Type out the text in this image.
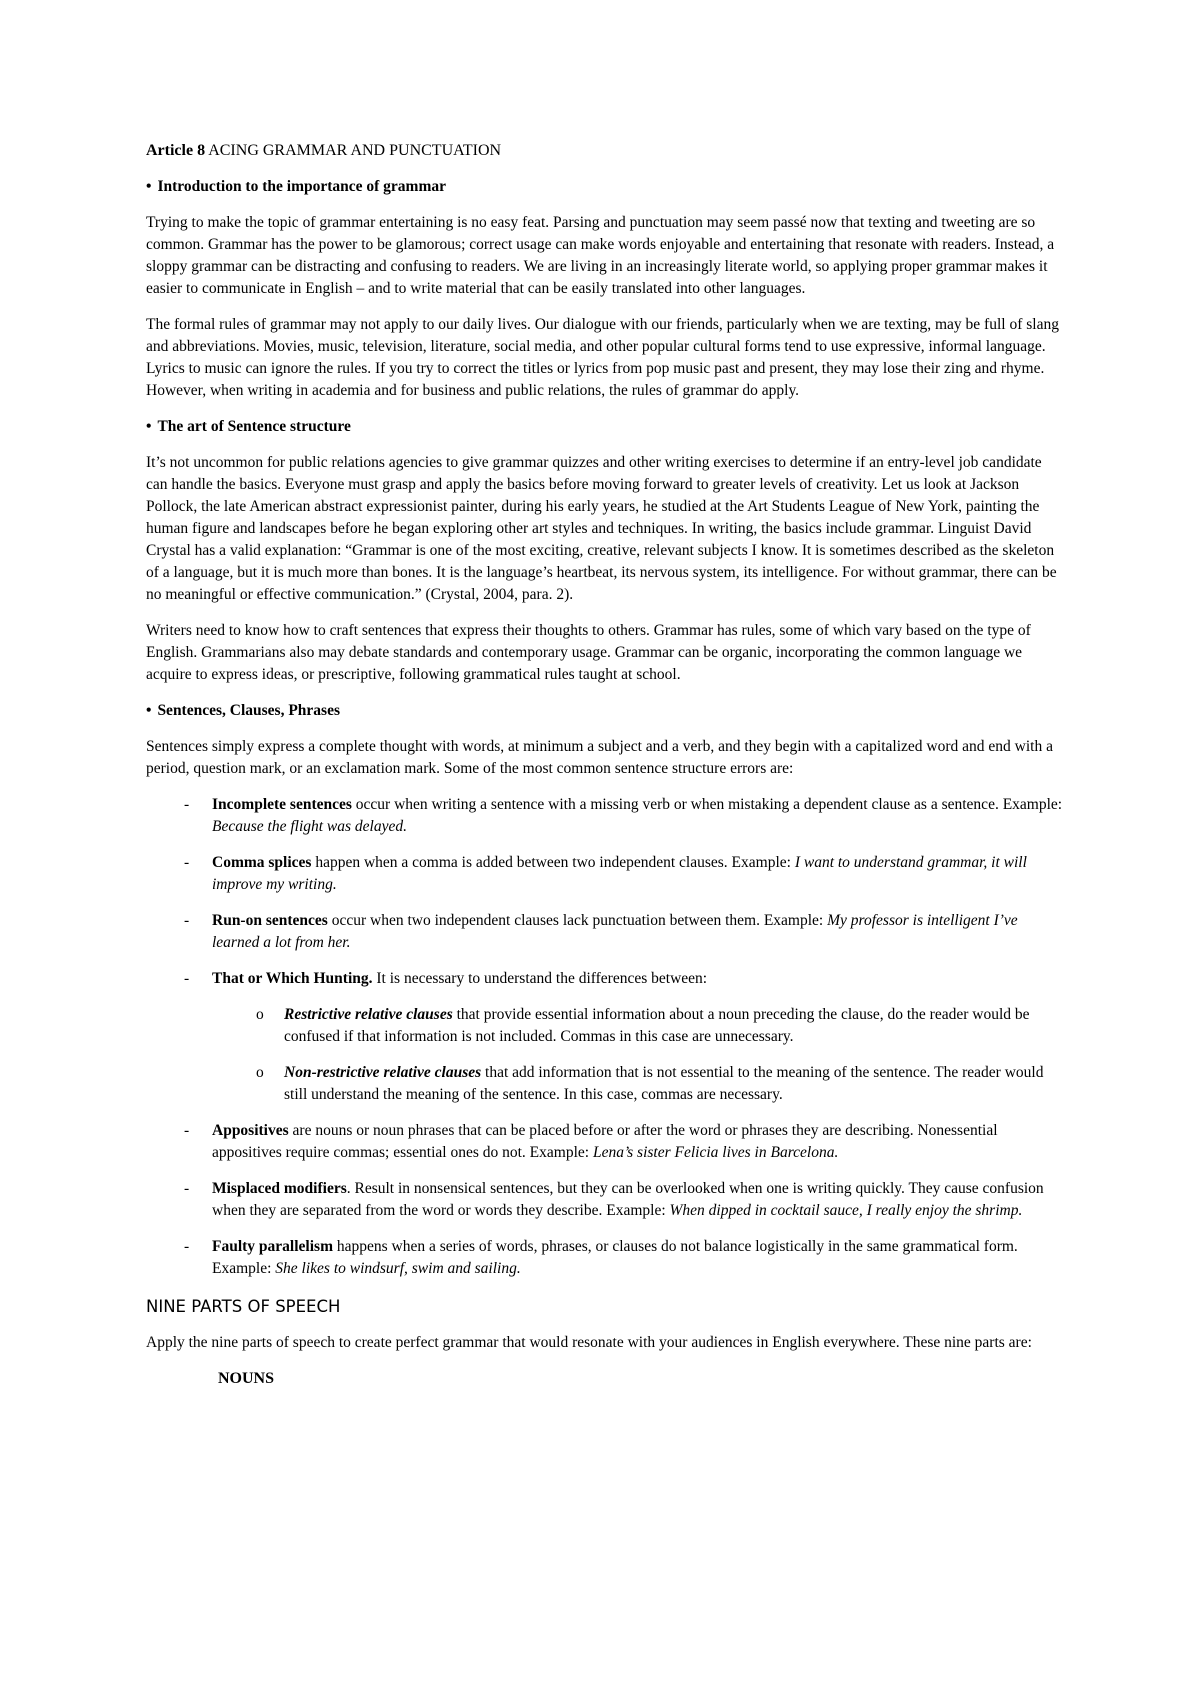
Article 8 ACING GRAMMAR AND PUNCTUATION
• Introduction to the importance of grammar

Trying to make the topic of grammar entertaining is no easy feat. Parsing and punctuation may seem passé now that texting and tweeting are so common. Grammar has the power to be glamorous; correct usage can make words enjoyable and entertaining that resonate with readers. Instead, a sloppy grammar can be distracting and confusing to readers. We are living in an increasingly literate world, so applying proper grammar makes it easier to communicate in English – and to write material that can be easily translated into other languages.

The formal rules of grammar may not apply to our daily lives. Our dialogue with our friends, particularly when we are texting, may be full of slang and abbreviations. Movies, music, television, literature, social media, and other popular cultural forms tend to use expressive, informal language. Lyrics to music can ignore the rules. If you try to correct the titles or lyrics from pop music past and present, they may lose their zing and rhyme. However, when writing in academia and for business and public relations, the rules of grammar do apply.

• The art of Sentence structure

It’s not uncommon for public relations agencies to give grammar quizzes and other writing exercises to determine if an entry-level job candidate can handle the basics. Everyone must grasp and apply the basics before moving forward to greater levels of creativity. Let us look at Jackson Pollock, the late American abstract expressionist painter, during his early years, he studied at the Art Students League of New York, painting the human figure and landscapes before he began exploring other art styles and techniques. In writing, the basics include grammar. Linguist David Crystal has a valid explanation: “Grammar is one of the most exciting, creative, relevant subjects I know. It is sometimes described as the skeleton of a language, but it is much more than bones. It is the language’s heartbeat, its nervous system, its intelligence. For without grammar, there can be no meaningful or effective communication.” (Crystal, 2004, para. 2).

Writers need to know how to craft sentences that express their thoughts to others. Grammar has rules, some of which vary based on the type of English. Grammarians also may debate standards and contemporary usage. Grammar can be organic, incorporating the common language we acquire to express ideas, or prescriptive, following grammatical rules taught at school.

• Sentences, Clauses, Phrases

Sentences simply express a complete thought with words, at minimum a subject and a verb, and they begin with a capitalized word and end with a period, question mark, or an exclamation mark. Some of the most common sentence structure errors are:

- Incomplete sentences occur when writing a sentence with a missing verb or when mistaking a dependent clause as a sentence. Example: Because the flight was delayed.
- Comma splices happen when a comma is added between two independent clauses. Example: I want to understand grammar, it will improve my writing.
- Run-on sentences occur when two independent clauses lack punctuation between them. Example: My professor is intelligent I’ve learned a lot from her.
- That or Which Hunting. It is necessary to understand the differences between:
o Restrictive relative clauses that provide essential information about a noun preceding the clause, do the reader would be confused if that information is not included. Commas in this case are unnecessary.
o Non-restrictive relative clauses that add information that is not essential to the meaning of the sentence. The reader would still understand the meaning of the sentence. In this case, commas are necessary.
- Appositives are nouns or noun phrases that can be placed before or after the word or phrases they are describing. Nonessential appositives require commas; essential ones do not. Example: Lena’s sister Felicia lives in Barcelona.
- Misplaced modifiers. Result in nonsensical sentences, but they can be overlooked when one is writing quickly. They cause confusion when they are separated from the word or words they describe. Example: When dipped in cocktail sauce, I really enjoy the shrimp.
- Faulty parallelism happens when a series of words, phrases, or clauses do not balance logistically in the same grammatical form. Example: She likes to windsurf, swim and sailing.
NINE PARTS OF SPEECH

Apply the nine parts of speech to create perfect grammar that would resonate with your audiences in English everywhere. These nine parts are:

NOUNS
